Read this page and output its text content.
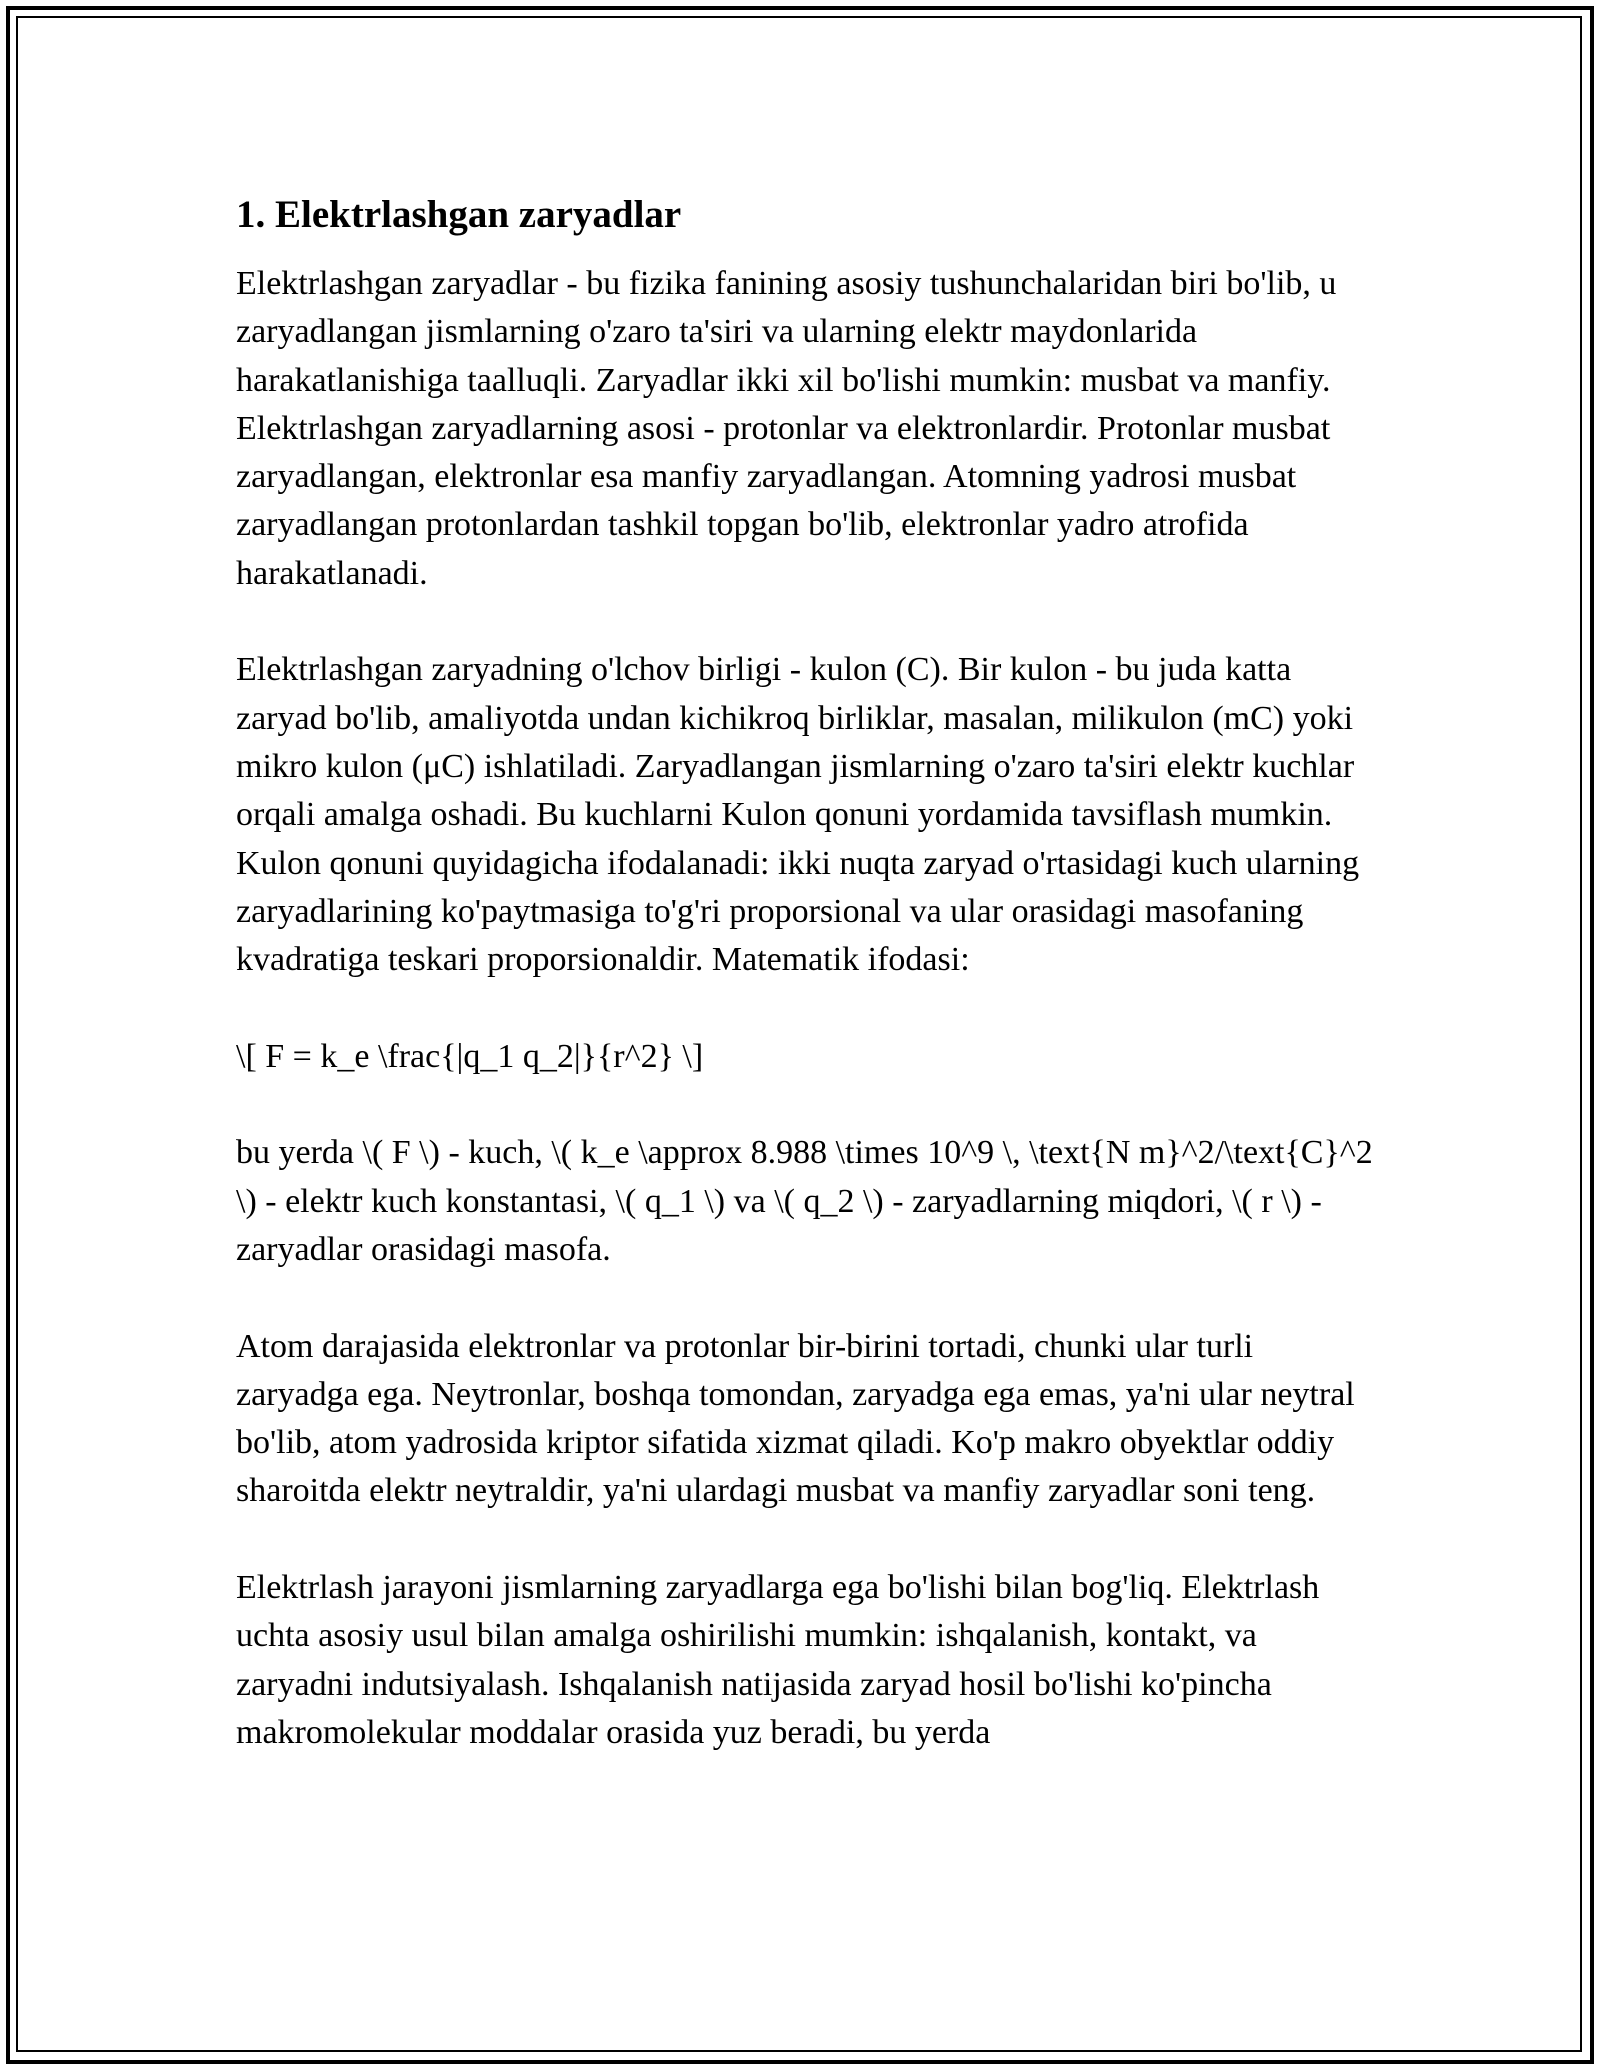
1. Elektrlashgan zaryadlar

Elektrlashgan zaryadlar - bu fizika fanining asosiy tushunchalaridan biri bo'lib, u zaryadlangan jismlarning o'zaro ta'siri va ularning elektr maydonlarida harakatlanishiga taalluqli. Zaryadlar ikki xil bo'lishi mumkin: musbat va manfiy. Elektrlashgan zaryadlarning asosi - protonlar va elektronlardir. Protonlar musbat zaryadlangan, elektronlar esa manfiy zaryadlangan. Atomning yadrosi musbat zaryadlangan protonlardan tashkil topgan bo'lib, elektronlar yadro atrofida harakatlanadi.

Elektrlashgan zaryadning o'lchov birligi - kulon (C). Bir kulon - bu juda katta zaryad bo'lib, amaliyotda undan kichikroq birliklar, masalan, milikulon (mC) yoki mikro kulon (μC) ishlatiladi. Zaryadlangan jismlarning o'zaro ta'siri elektr kuchlar orqali amalga oshadi. Bu kuchlarni Kulon qonuni yordamida tavsiflash mumkin. Kulon qonuni quyidagicha ifodalanadi: ikki nuqta zaryad o'rtasidagi kuch ularning zaryadlarining ko'paytmasiga to'g'ri proporsional va ular orasidagi masofaning kvadratiga teskari proporsionaldir. Matematik ifodasi:

\[ F = k_e \frac{|q_1 q_2|}{r^2} \]

bu yerda \( F \) - kuch, \( k_e \approx 8.988 \times 10^9 \, \text{N m}^2/\text{C}^2 \) - elektr kuch konstantasi, \( q_1 \) va \( q_2 \) - zaryadlarning miqdori, \( r \) - zaryadlar orasidagi masofa.

Atom darajasida elektronlar va protonlar bir-birini tortadi, chunki ular turli zaryadga ega. Neytronlar, boshqa tomondan, zaryadga ega emas, ya'ni ular neytral bo'lib, atom yadrosida kriptor sifatida xizmat qiladi. Ko'p makro obyektlar oddiy sharoitda elektr neytraldir, ya'ni ulardagi musbat va manfiy zaryadlar soni teng.

Elektrlash jarayoni jismlarning zaryadlarga ega bo'lishi bilan bog'liq. Elektrlash uchta asosiy usul bilan amalga oshirilishi mumkin: ishqalanish, kontakt, va zaryadni indutsiyalash. Ishqalanish natijasida zaryad hosil bo'lishi ko'pincha makromolekular moddalar orasida yuz beradi, bu yerda
